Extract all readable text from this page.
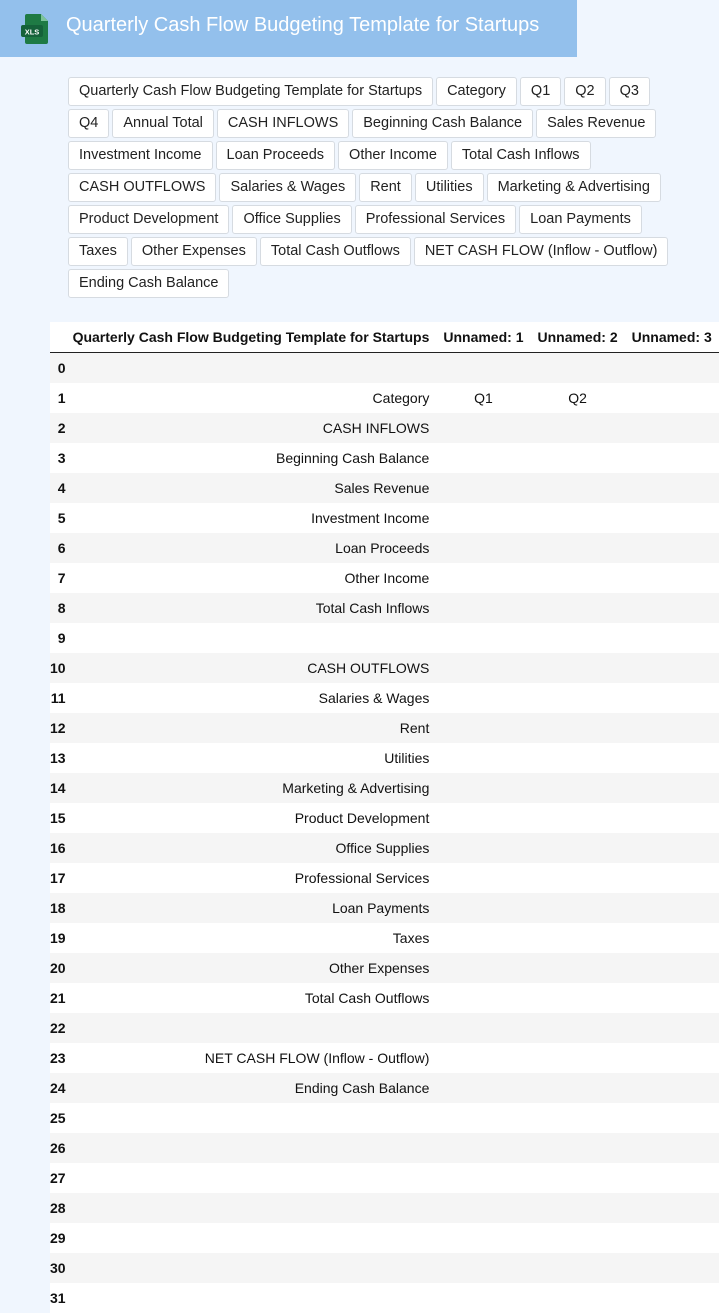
XLS Quarterly Cash Flow Budgeting Template for Startups
Quarterly Cash Flow Budgeting Template for Startups	Category	Q1	Q2	Q3
Q4	Annual Total	CASH INFLOWS	Beginning Cash Balance	Sales Revenue
Investment Income	Loan Proceeds	Other Income	Total Cash Inflows
CASH OUTFLOWS	Salaries & Wages	Rent	Utilities	Marketing & Advertising
Product Development	Office Supplies	Professional Services	Loan Payments
Taxes	Other Expenses	Total Cash Outflows	NET CASH FLOW (Inflow - Outflow)
Ending Cash Balance
	Quarterly Cash Flow Budgeting Template for Startups	Unnamed: 1	Unnamed: 2	Unnamed: 3
0				
1	Category	Q1	Q2	
2	CASH INFLOWS			
3	Beginning Cash Balance			
4	Sales Revenue			
5	Investment Income			
6	Loan Proceeds			
7	Other Income			
8	Total Cash Inflows			
9				
10	CASH OUTFLOWS			
11	Salaries & Wages			
12	Rent			
13	Utilities			
14	Marketing & Advertising			
15	Product Development			
16	Office Supplies			
17	Professional Services			
18	Loan Payments			
19	Taxes			
20	Other Expenses			
21	Total Cash Outflows			
22				
23	NET CASH FLOW (Inflow - Outflow)			
24	Ending Cash Balance			
25				
26				
27				
28				
29				
30				
31				
